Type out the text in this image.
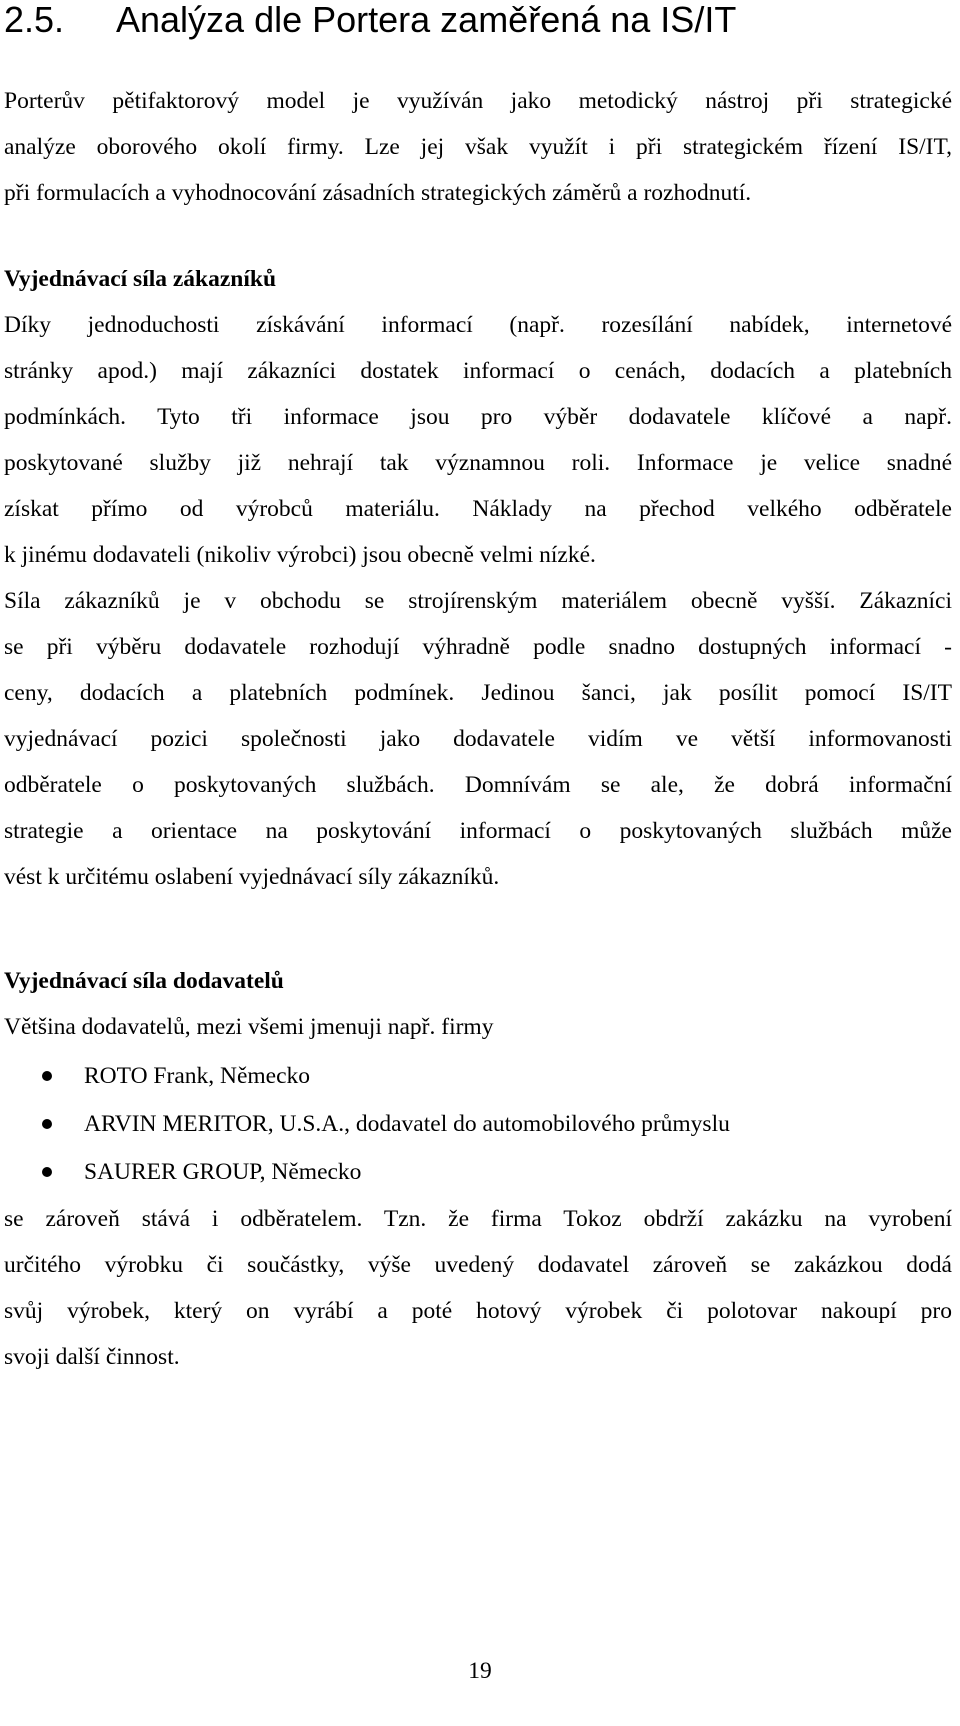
2.5. Analýza dle Portera zaměřená na IS/IT
Porterův pětifaktorový model je využíván jako metodický nástroj při strategické
analýze oborového okolí firmy. Lze jej však využít i při strategickém řízení IS/IT,
při formulacích a vyhodnocování zásadních strategických záměrů a rozhodnutí.
Vyjednávací síla zákazníků
Díky jednoduchosti získávání informací (např. rozesílání nabídek, internetové
stránky apod.) mají zákazníci dostatek informací o cenách, dodacích a platebních
podmínkách. Tyto tři informace jsou pro výběr dodavatele klíčové a např.
poskytované služby již nehrají tak významnou roli. Informace je velice snadné
získat přímo od výrobců materiálu. Náklady na přechod velkého odběratele
k jinému dodavateli (nikoliv výrobci) jsou obecně velmi nízké.
Síla zákazníků je v obchodu se strojírenským materiálem obecně vyšší. Zákazníci
se při výběru dodavatele rozhodují výhradně podle snadno dostupných informací -
ceny, dodacích a platebních podmínek. Jedinou šanci, jak posílit pomocí IS/IT
vyjednávací pozici společnosti jako dodavatele vidím ve větší informovanosti
odběratele o poskytovaných službách. Domnívám se ale, že dobrá informační
strategie a orientace na poskytování informací o poskytovaných službách může
vést k určitému oslabení vyjednávací síly zákazníků.
Vyjednávací síla dodavatelů
Většina dodavatelů, mezi všemi jmenuji např. firmy
ROTO Frank, Německo
ARVIN MERITOR, U.S.A., dodavatel do automobilového průmyslu
SAURER GROUP, Německo
se zároveň stává i odběratelem. Tzn. že firma Tokoz obdrží zakázku na vyrobení
určitého výrobku či součástky, výše uvedený dodavatel zároveň se zakázkou dodá
svůj výrobek, který on vyrábí a poté hotový výrobek či polotovar nakoupí pro
svoji další činnost.
19
